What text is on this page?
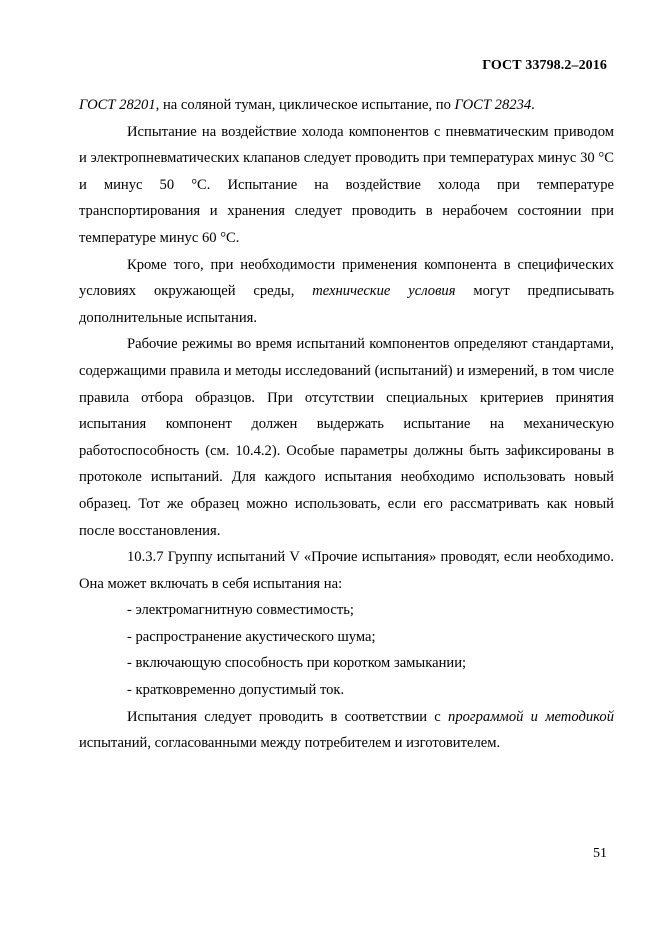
ГОСТ 33798.2–2016

ГОСТ 28201, на соляной туман, циклическое испытание, по ГОСТ 28234.

Испытание на воздействие холода компонентов с пневматическим приводом и электропневматических клапанов следует проводить при температурах минус 30 °С и минус 50 °С. Испытание на воздействие холода при температуре транспортирования и хранения следует проводить в нерабочем состоянии при температуре минус 60 °С.

Кроме того, при необходимости применения компонента в специфических условиях окружающей среды, технические условия могут предписывать дополнительные испытания.

Рабочие режимы во время испытаний компонентов определяют стандартами, содержащими правила и методы исследований (испытаний) и измерений, в том числе правила отбора образцов. При отсутствии специальных критериев принятия испытания компонент должен выдержать испытание на механическую работоспособность (см. 10.4.2). Особые параметры должны быть зафиксированы в протоколе испытаний. Для каждого испытания необходимо использовать новый образец. Тот же образец можно использовать, если его рассматривать как новый после восстановления.

10.3.7 Группу испытаний V «Прочие испытания» проводят, если необходимо. Она может включать в себя испытания на:

- электромагнитную совместимость;

- распространение акустического шума;

- включающую способность при коротком замыкании;

- кратковременно допустимый ток.

Испытания следует проводить в соответствии с программой и методикой испытаний, согласованными между потребителем и изготовителем.

51
